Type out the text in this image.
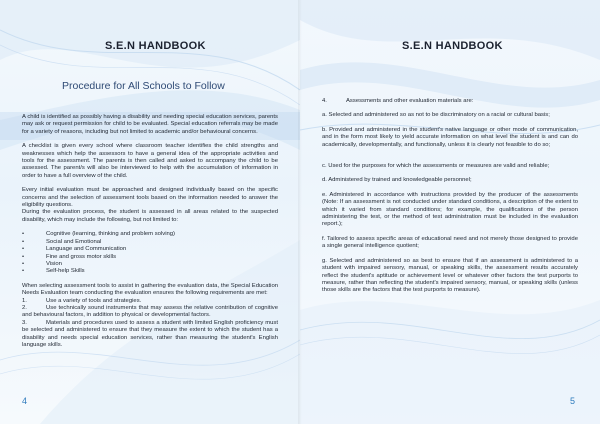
S.E.N HANDBOOK
Procedure for All Schools to Follow

A child is identified as possibly having a disability and needing special education services, parents may ask or request permission for child to be evaluated. Special education referrals may be made for a variety of reasons, including but not limited to academic and/or behavioural concerns.

A checklist is given every school where classroom teacher identifies the child strengths and weaknesses which help the assessors to have a general idea of the appropriate activities and tools for the assessment. The parents is then called and asked to accompany the child to be assessed. The parent/s will also be interviewed to help with the accumulation of information in order to have a full overview of the child.

Every initial evaluation must be approached and designed individually based on the specific concerns and the selection of assessment tools based on the information needed to answer the eligibility questions.

During the evaluation process, the student is assessed in all areas related to the suspected disability, which may include the following, but not limited to:

• Cognitive (learning, thinking and problem solving)
• Social and Emotional
• Language and Communication
• Fine and gross motor skills
• Vision
• Self-help Skills

When selecting assessment tools to assist in gathering the evaluation data, the Special Education Needs Evaluation team conducting the evaluation ensures the following requirements are met:

1.	Use a variety of tools and strategies.
2.	Use technically sound instruments that may assess the relative contribution of cognitive and behavioural factors, in addition to physical or developmental factors.
3.	Materials and procedures used to assess a student with limited English proficiency must be selected and administered to ensure that they measure the extent to which the student has a disability and needs special education services, rather than measuring the student's English language skills.
4
S.E.N HANDBOOK

4.	Assessments and other evaluation materials are:

a. Selected and administered so as not to be discriminatory on a racial or cultural basis;

b. Provided and administered in the student's native language or other mode of communication, and in the form most likely to yield accurate information on what level the student is and can do academically, developmentally, and functionally, unless it is clearly not feasible to do so;

c. Used for the purposes for which the assessments or measures are valid and reliable;

d. Administered by trained and knowledgeable personnel;

e. Administered in accordance with instructions provided by the producer of the assessments (Note: If an assessment is not conducted under standard conditions, a description of the extent to which it varied from standard conditions; for example, the qualifications of the person administering the test, or the method of test administration must be included in the evaluation report.);

f. Tailored to assess specific areas of educational need and not merely those designed to provide a single general intelligence quotient;

g. Selected and administered so as best to ensure that if an assessment is administered to a student with impaired sensory, manual, or speaking skills, the assessment results accurately reflect the student's aptitude or achievement level or whatever other factors the test purports to measure, rather than reflecting the student's impaired sensory, manual, or speaking skills (unless those skills are the factors that the test purports to measure).

5
